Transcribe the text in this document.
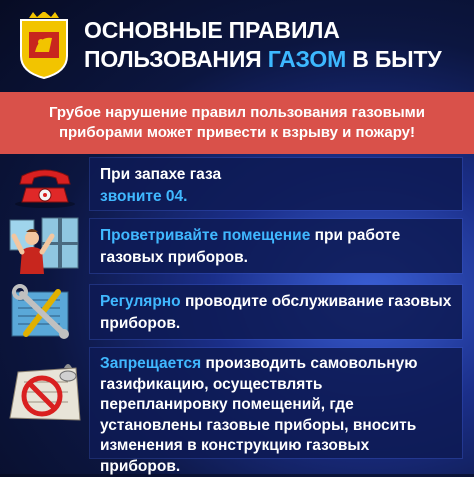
ОСНОВНЫЕ ПРАВИЛА
ПОЛЬЗОВАНИЯ ГАЗОМ В БЫТУ
Грубое нарушение правил пользования газовыми приборами может привести к взрыву и пожару!
При запахе газа
звоните 04.
Проветривайте помещение при работе газовых приборов.
Регулярно проводите обслуживание газовых приборов.
Запрещается производить самовольную газификацию, осуществлять перепланировку помещений, где установлены газовые приборы, вносить изменения в конструкцию газовых приборов.
